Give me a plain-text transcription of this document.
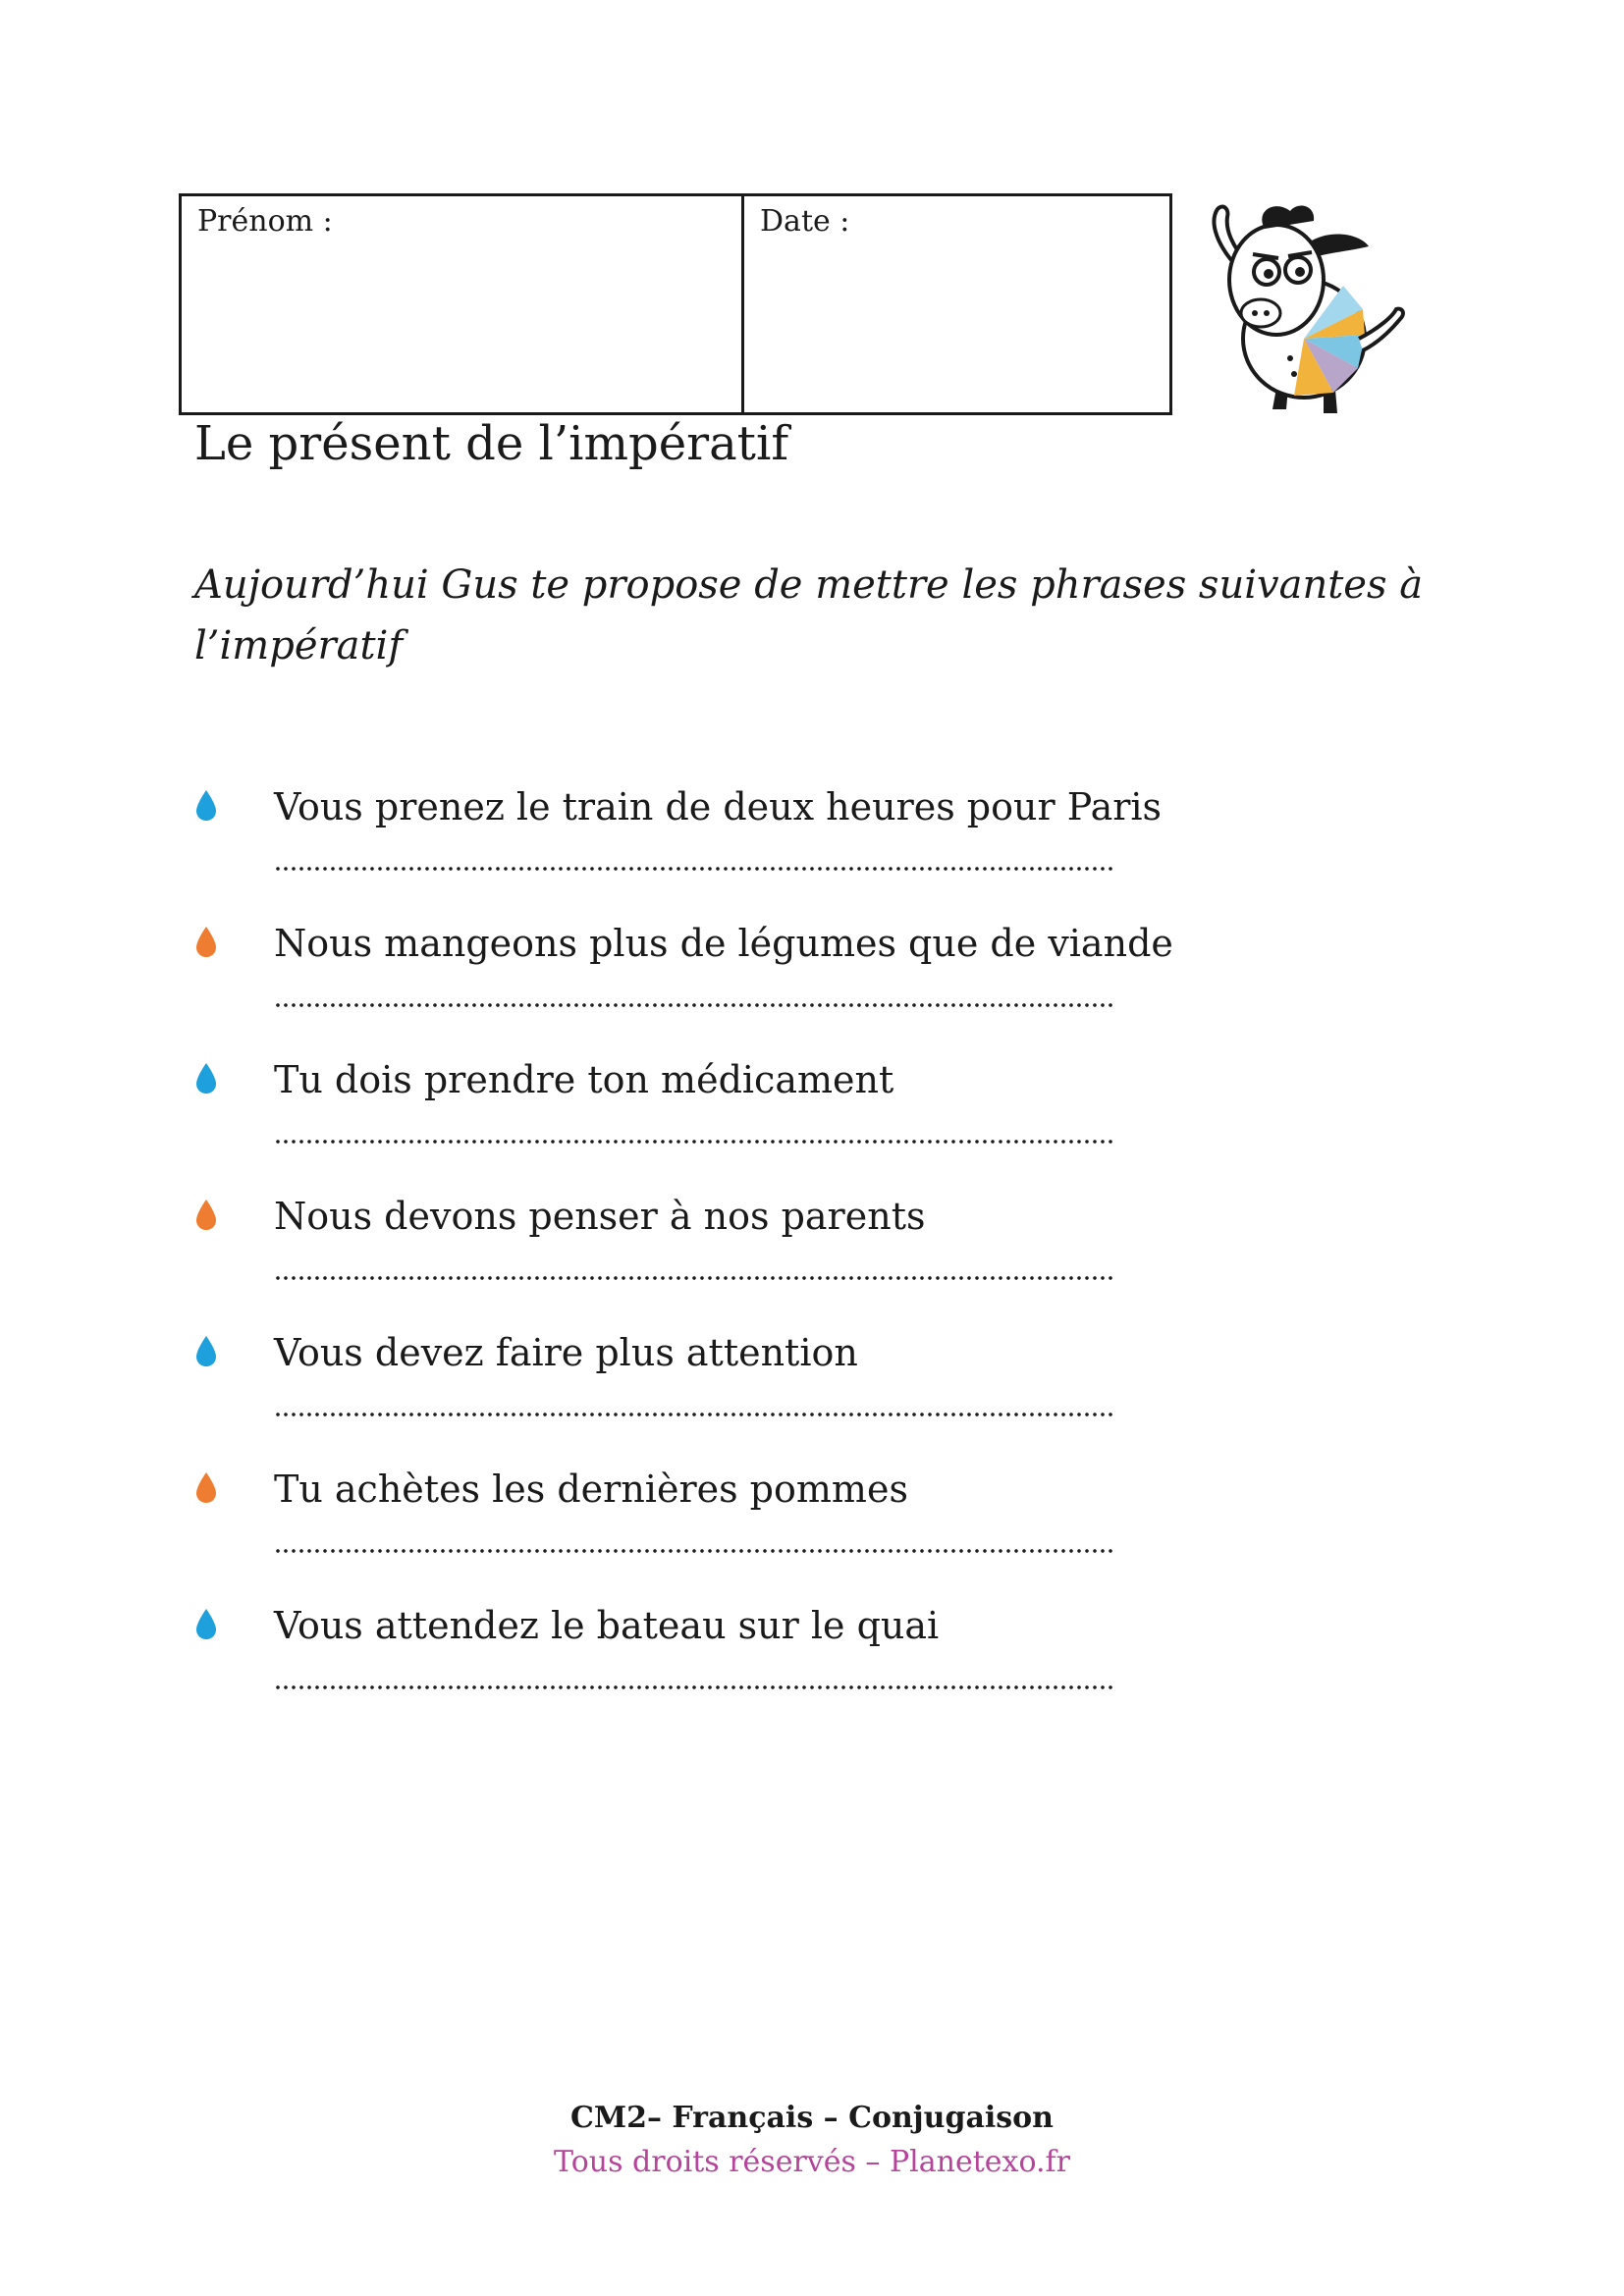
Prénom :	Date :
Le présent de l’impératif

Aujourd’hui Gus te propose de mettre les phrases suivantes à l’impératif

Vous prenez le train de deux heures pour Paris
Nous mangeons plus de légumes que de viande
Tu dois prendre ton médicament
Nous devons penser à nos parents
Vous devez faire plus attention
Tu achètes les dernières pommes
Vous attendez le bateau sur le quai

CM2– Français – Conjugaison

Tous droits réservés – Planetexo.fr
